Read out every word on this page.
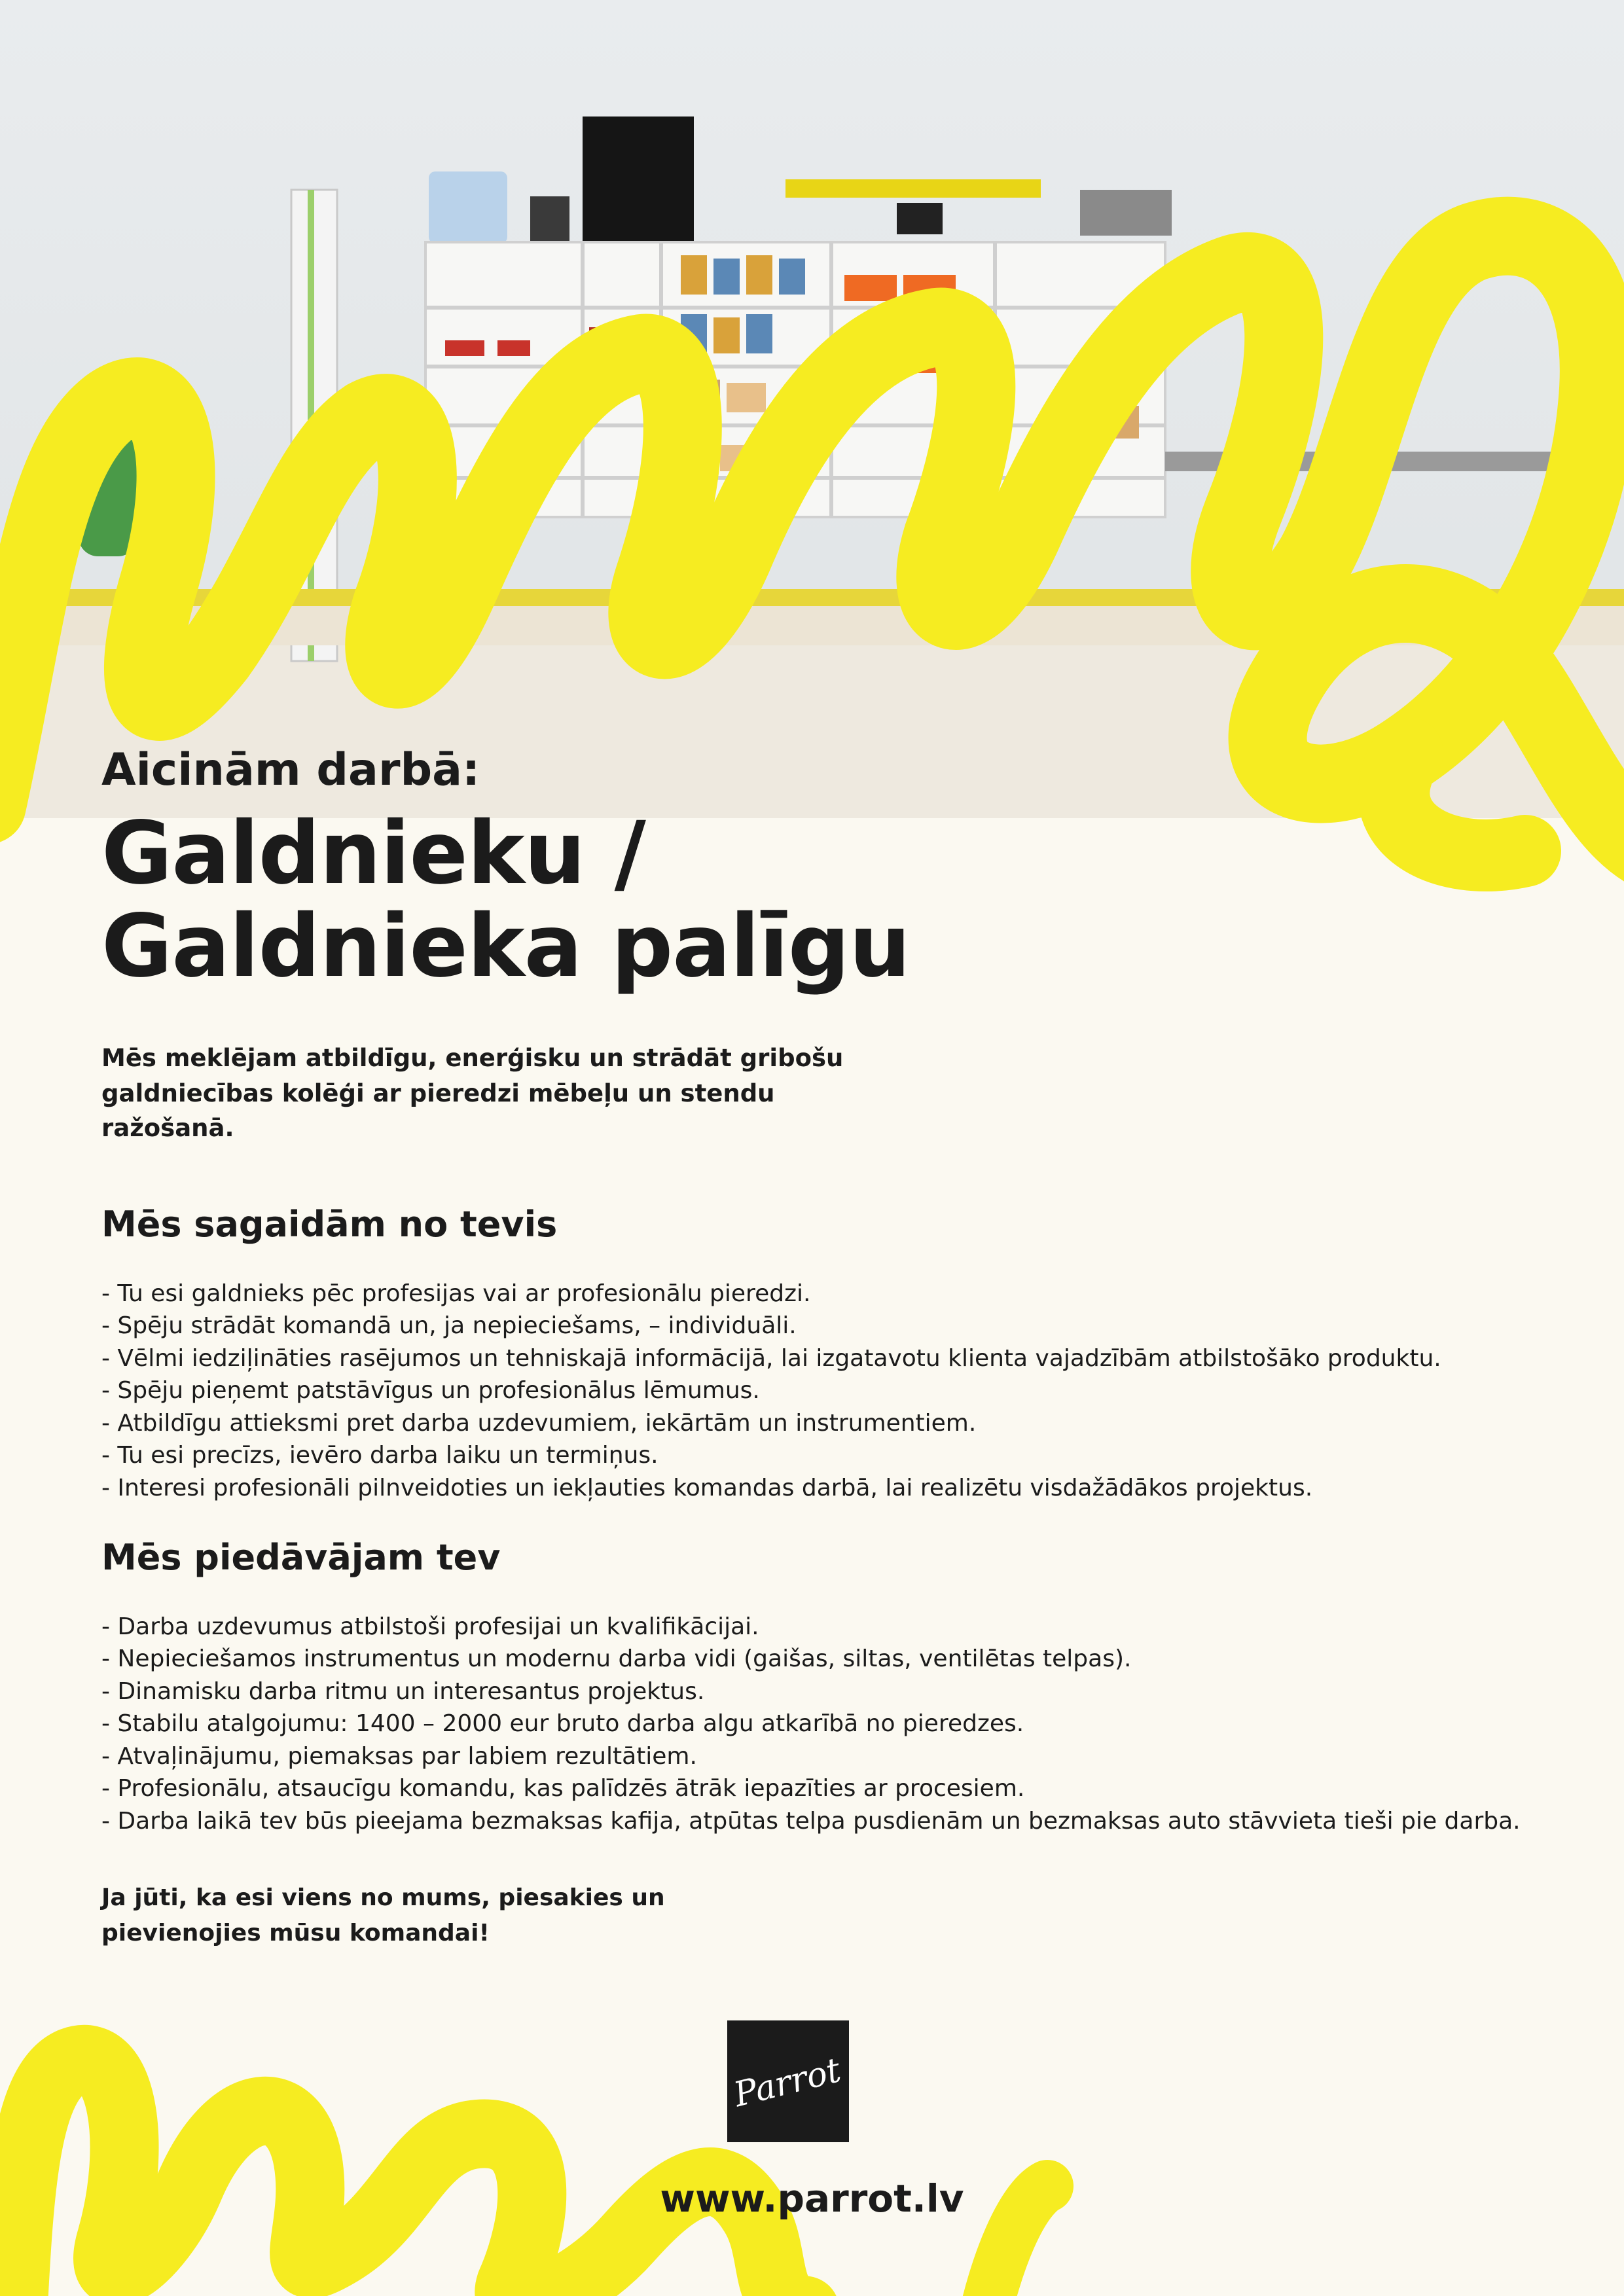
Aicinām darbā:
Galdnieku /
Galdnieka palīgu

Mēs meklējam atbildīgu, enerģisku un strādāt gribošu
galdniecības kolēģi ar pieredzi mēbeļu un stendu ražošanā.

Mēs sagaidām no tevis
- Tu esi galdnieks pēc profesijas vai ar profesionālu pieredzi.
- Spēju strādāt komandā un, ja nepieciešams, – individuāli.
- Vēlmi iedziļināties rasējumos un tehniskajā informācijā, lai izgatavotu klienta vajadzībām atbilstošāko produktu.
- Spēju pieņemt patstāvīgus un profesionālus lēmumus.
- Atbildīgu attieksmi pret darba uzdevumiem, iekārtām un instrumentiem.
- Tu esi precīzs, ievēro darba laiku un termiņus.
- Interesi profesionāli pilnveidoties un iekļauties komandas darbā, lai realizētu visdažādākos projektus.
Mēs piedāvājam tev
- Darba uzdevumus atbilstoši profesijai un kvalifikācijai.
- Nepieciešamos instrumentus un modernu darba vidi (gaišas, siltas, ventilētas telpas).
- Dinamisku darba ritmu un interesantus projektus.
- Stabilu atalgojumu: 1400 – 2000 eur bruto darba algu atkarībā no pieredzes.
- Atvaļinājumu, piemaksas par labiem rezultātiem.
- Profesionālu, atsaucīgu komandu, kas palīdzēs ātrāk iepazīties ar procesiem.
- Darba laikā tev būs pieejama bezmaksas kafija, atpūtas telpa pusdienām un bezmaksas auto stāvvieta tieši pie darba.
Ja jūti, ka esi viens no mums, piesakies un
pievienojies mūsu komandai!
Parrot
www.parrot.lv
